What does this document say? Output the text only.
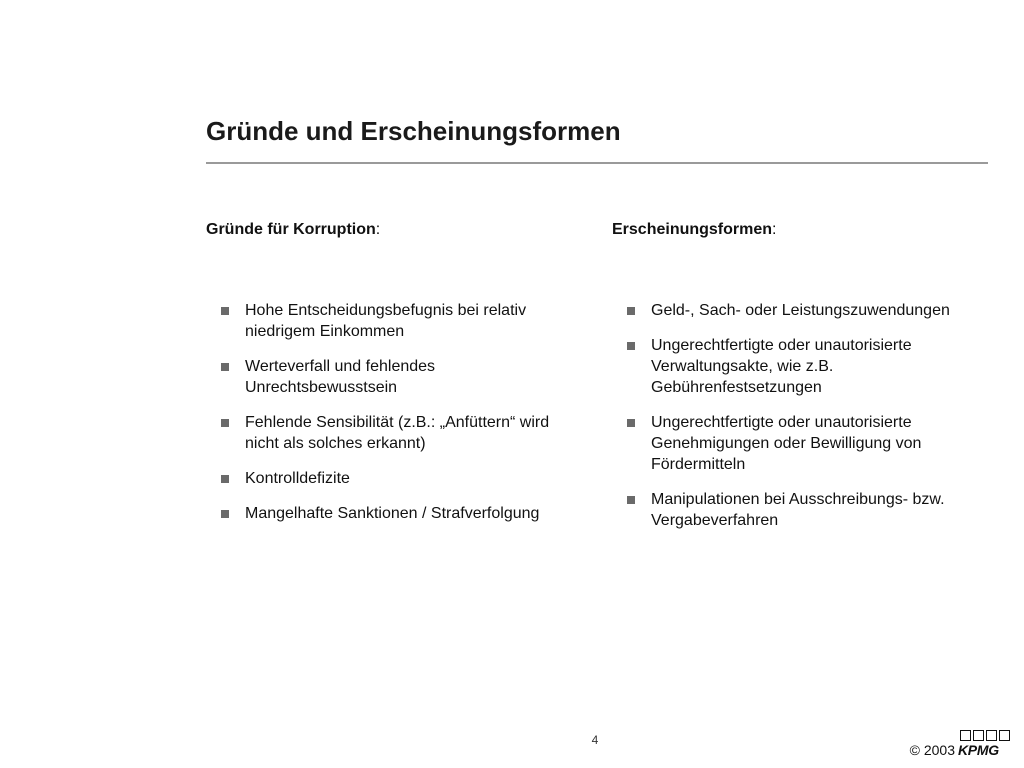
Gründe und Erscheinungsformen

Gründe für Korruption:

Hohe Entscheidungsbefugnis bei relativ niedrigem Einkommen
Werteverfall und fehlendes Unrechtsbewusstsein
Fehlende Sensibilität (z.B.: „Anfüttern“ wird nicht als solches erkannt)
Kontrolldefizite
Mangelhafte Sanktionen / Strafverfolgung

Erscheinungsformen:

Geld-, Sach- oder Leistungszuwendungen
Ungerechtfertigte oder unautorisierte Verwaltungsakte, wie z.B. Gebührenfestsetzungen
Ungerechtfertigte oder unautorisierte Genehmigungen oder Bewilligung von Fördermitteln
Manipulationen bei Ausschreibungs- bzw. Vergabeverfahren
4
© 2003 KPMG
